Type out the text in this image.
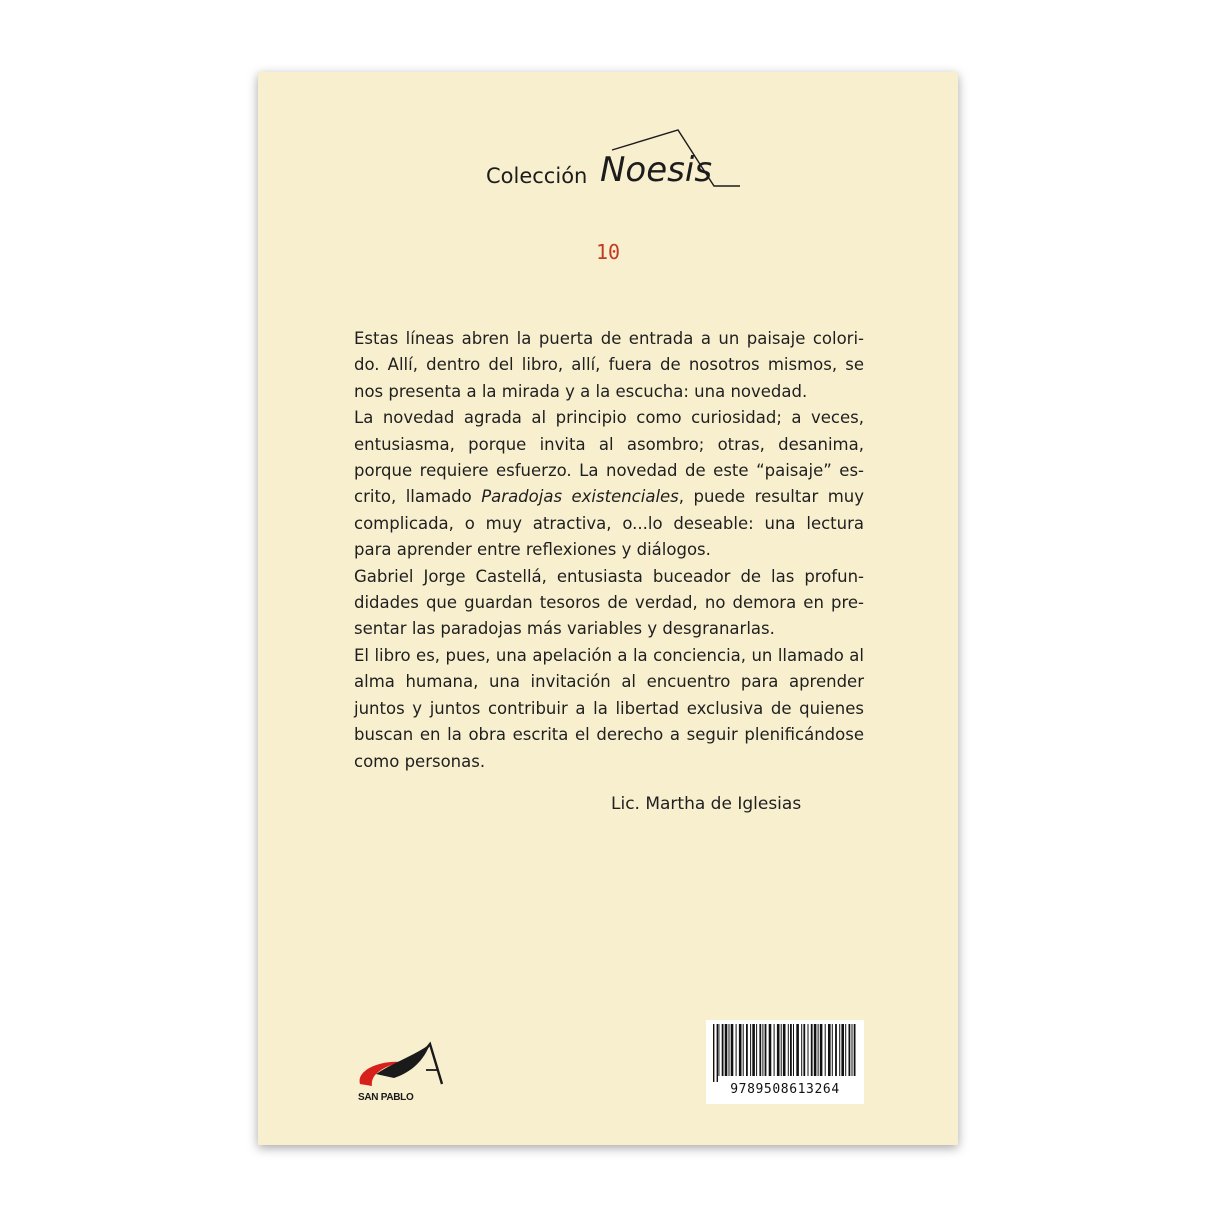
Colección Noesis
10

Estas líneas abren la puerta de entrada a un paisaje colori-do. Allí, dentro del libro, allí, fuera de nosotros mismos, se nos presenta a la mirada y a la escucha: una novedad.

La novedad agrada al principio como curiosidad; a veces, entusiasma, porque invita al asombro; otras, desanima, porque requiere esfuerzo. La novedad de este “paisaje” es-crito, llamado Paradojas existenciales, puede resultar muy complicada, o muy atractiva, o...lo deseable: una lectura para aprender entre reflexiones y diálogos.

Gabriel Jorge Castellá, entusiasta buceador de las profun-didades que guardan tesoros de verdad, no demora en pre-sentar las paradojas más variables y desgranarlas.

El libro es, pues, una apelación a la conciencia, un llamado al alma humana, una invitación al encuentro para aprender juntos y juntos contribuir a la libertad exclusiva de quienes buscan en la obra escrita el derecho a seguir plenificándose como personas.

Lic. Martha de Iglesias
SAN PABLO
9789508613264
